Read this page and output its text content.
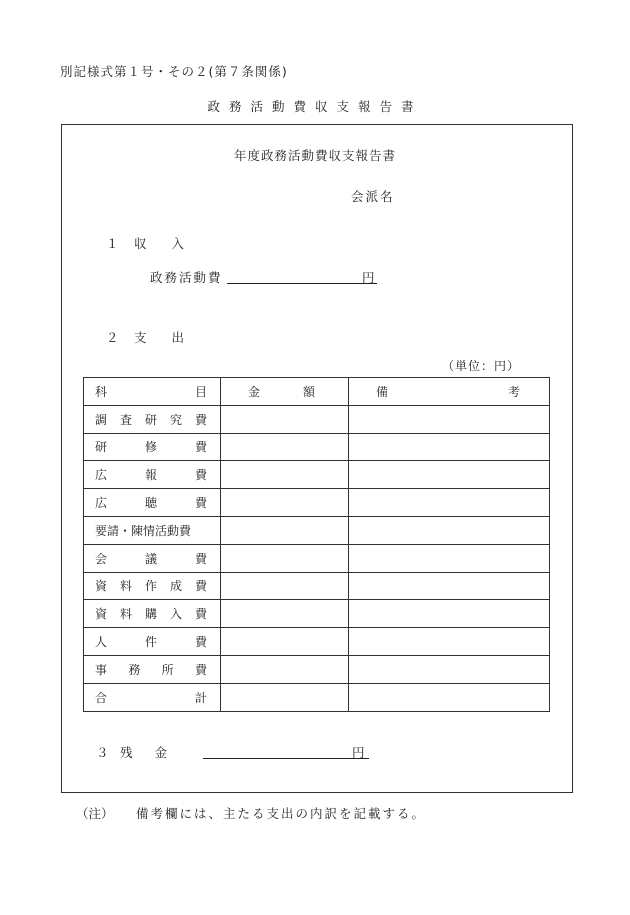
別記様式第１号・その２(第７条関係)
政務活動費収支報告書
年度政務活動費収支報告書
会派名
１ 収入
政務活動費	円
２ 支出
（単位：円）
科 目	金 額	備 考

調 査 研 究 費		

研 修 費		

広 報 費		

広 聴 費		

要請・陳情活動費		

会 議 費		

資 料 作 成 費		

資 料 購 入 費		

人 件 費		

事 務 所 費		

合 計		

３ 残金	円
（注） 備考欄には、主たる支出の内訳を記載する。
